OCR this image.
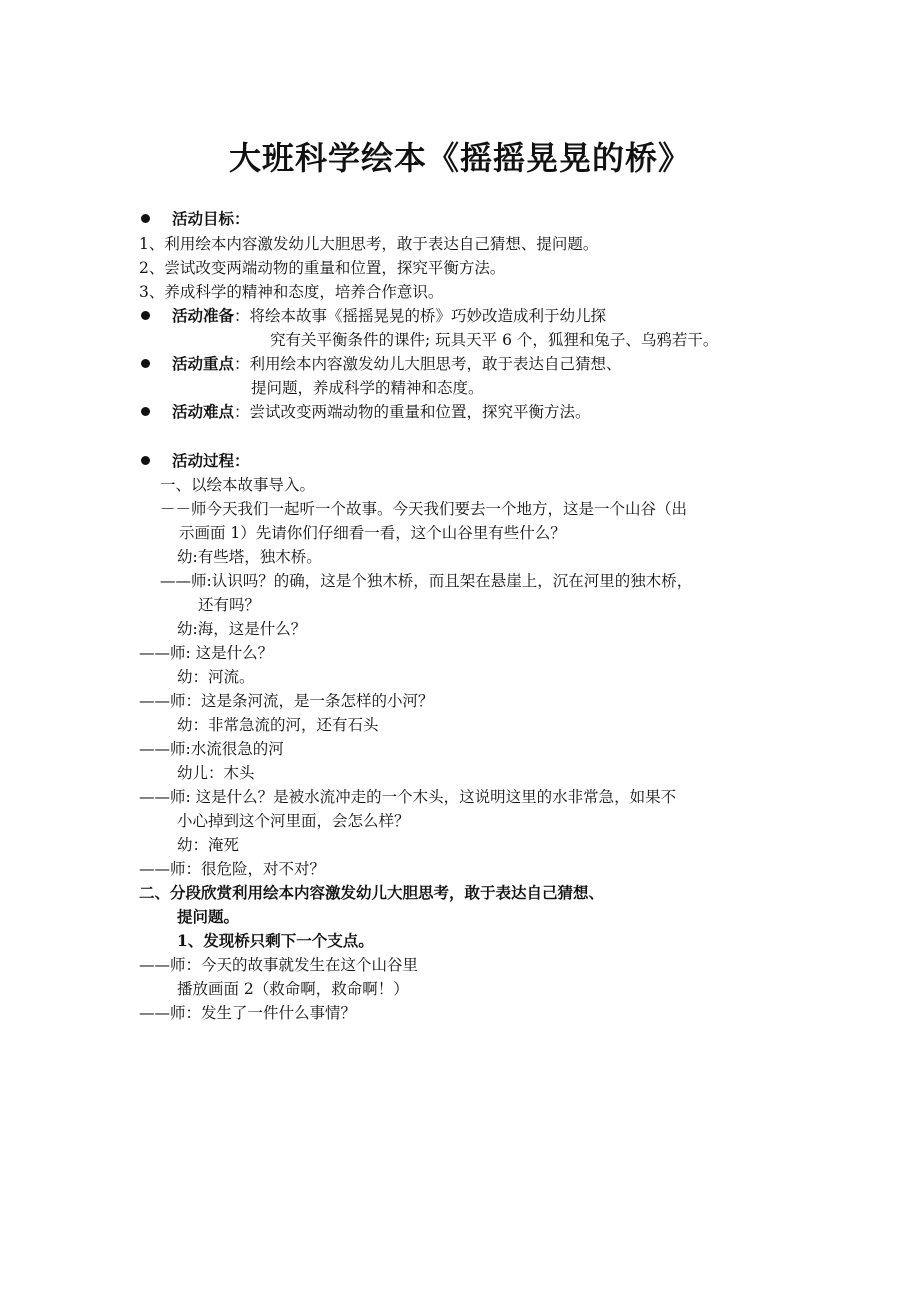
大班科学绘本《摇摇晃晃的桥》
活动目标：
1、利用绘本内容激发幼儿大胆思考，敢于表达自己猜想、提问题。
2、尝试改变两端动物的重量和位置，探究平衡方法。
3、养成科学的精神和态度，培养合作意识。
活动准备：将绘本故事《摇摇晃晃的桥》巧妙改造成利于幼儿探
究有关平衡条件的课件; 玩具天平 6 个，狐狸和兔子、乌鸦若干。
活动重点：利用绘本内容激发幼儿大胆思考，敢于表达自己猜想、
提问题，养成科学的精神和态度。
活动难点：尝试改变两端动物的重量和位置，探究平衡方法。
活动过程：
一、以绘本故事导入。
－－师今天我们一起听一个故事。今天我们要去一个地方，这是一个山谷（出
示画面 1）先请你们仔细看一看，这个山谷里有些什么？
幼:有些塔，独木桥。
——师:认识吗？的确，这是个独木桥，而且架在悬崖上，沉在河里的独木桥，
还有吗？
幼:海，这是什么？
——师: 这是什么？
幼：河流。
——师：这是条河流，是一条怎样的小河？
幼：非常急流的河，还有石头
——师:水流很急的河
幼儿：木头
——师: 这是什么？是被水流冲走的一个木头，这说明这里的水非常急，如果不
小心掉到这个河里面，会怎么样？
幼：淹死
——师：很危险，对不对？
二、分段欣赏利用绘本内容激发幼儿大胆思考，敢于表达自己猜想、
提问题。
1、发现桥只剩下一个支点。
——师：今天的故事就发生在这个山谷里
播放画面 2（救命啊，救命啊！）
——师：发生了一件什么事情？
